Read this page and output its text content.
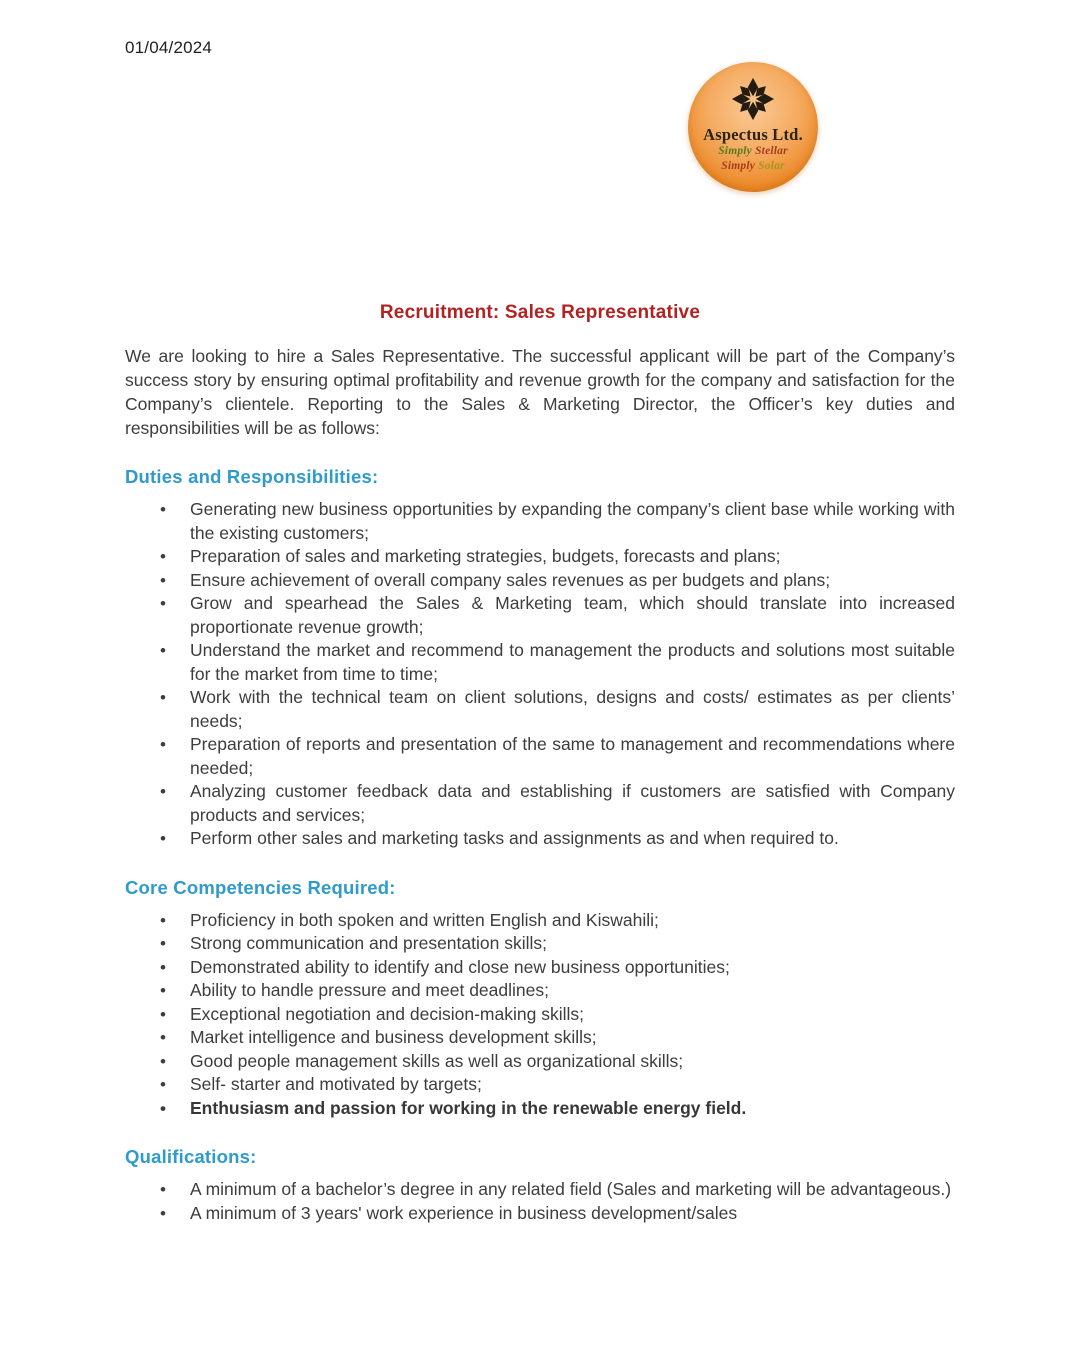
01/04/2024
Aspectus Ltd.
Simply Stellar
Simply Solar
Recruitment: Sales Representative

We are looking to hire a Sales Representative. The successful applicant will be part of the Company’s success story by ensuring optimal profitability and revenue growth for the company and satisfaction for the Company’s clientele. Reporting to the Sales & Marketing Director, the Officer’s key duties and responsibilities will be as follows:

Duties and Responsibilities:
• Generating new business opportunities by expanding the company’s client base while working with the existing customers;
• Preparation of sales and marketing strategies, budgets, forecasts and plans;
• Ensure achievement of overall company sales revenues as per budgets and plans;
• Grow and spearhead the Sales & Marketing team, which should translate into increased proportionate revenue growth;
• Understand the market and recommend to management the products and solutions most suitable for the market from time to time;
• Work with the technical team on client solutions, designs and costs/ estimates as per clients’ needs;
• Preparation of reports and presentation of the same to management and recommendations where needed;
• Analyzing customer feedback data and establishing if customers are satisfied with Company products and services;
• Perform other sales and marketing tasks and assignments as and when required to.
Core Competencies Required:
• Proficiency in both spoken and written English and Kiswahili;
• Strong communication and presentation skills;
• Demonstrated ability to identify and close new business opportunities;
• Ability to handle pressure and meet deadlines;
• Exceptional negotiation and decision-making skills;
• Market intelligence and business development skills;
• Good people management skills as well as organizational skills;
• Self- starter and motivated by targets;
• Enthusiasm and passion for working in the renewable energy field.
Qualifications:
• A minimum of a bachelor’s degree in any related field (Sales and marketing will be advantageous.)
• A minimum of 3 years' work experience in business development/sales
